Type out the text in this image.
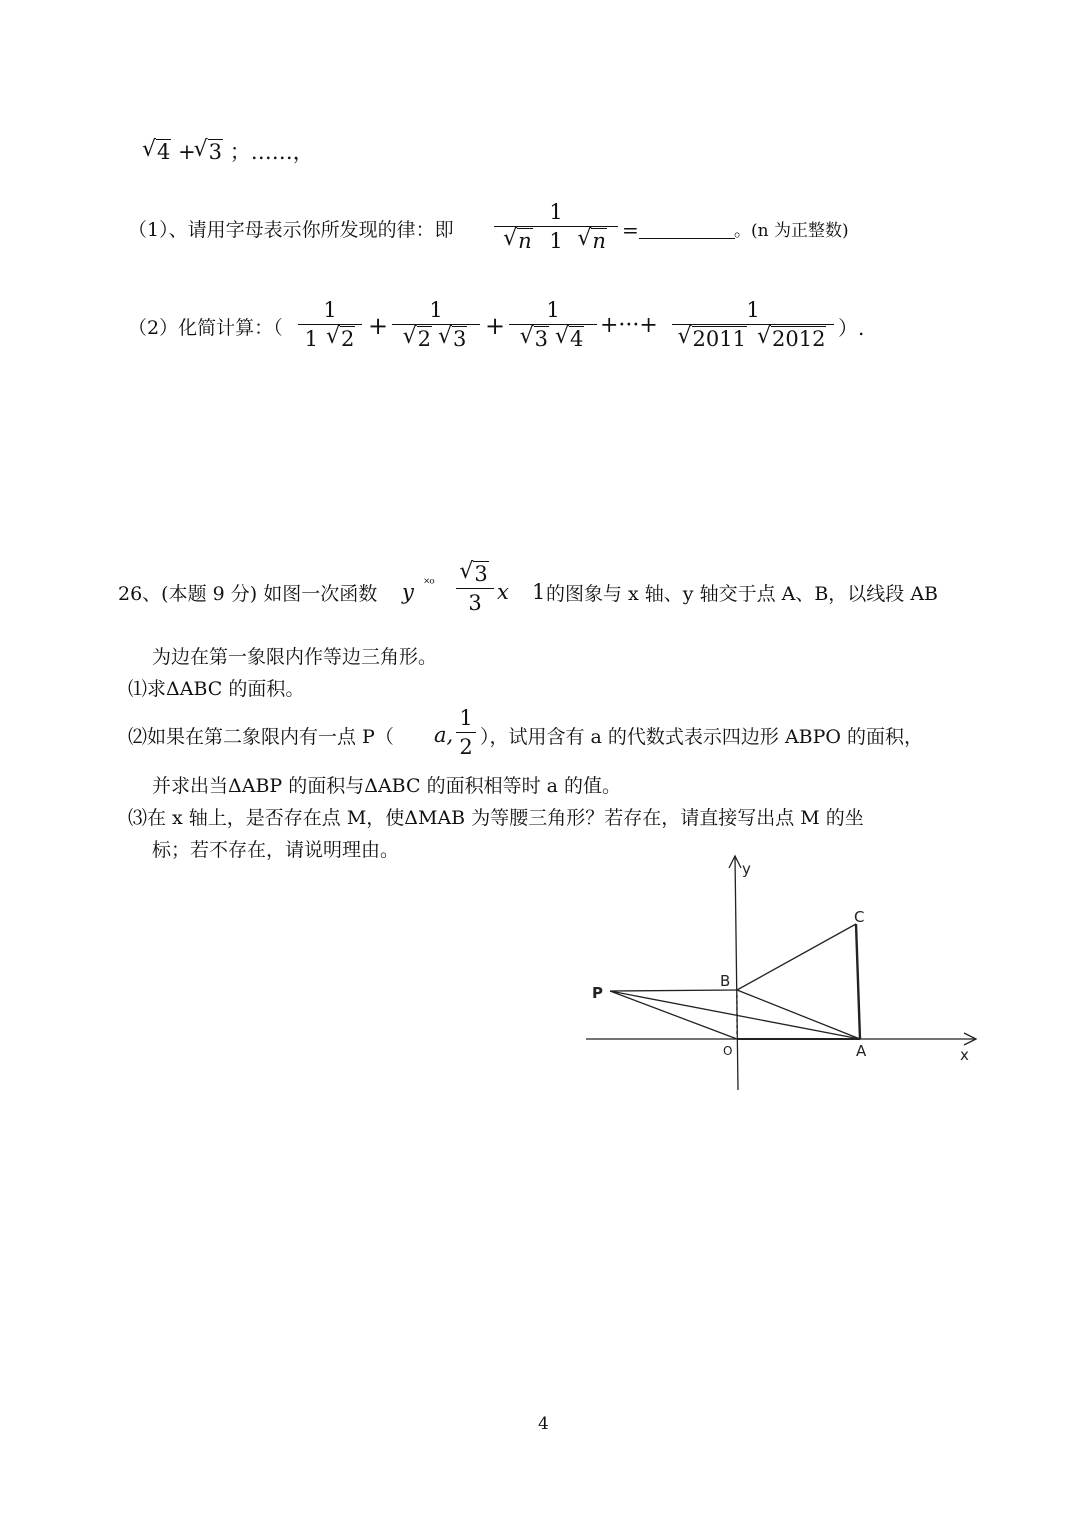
√ 4 + √ 3 ；……，
（1）、请用字母表示你所发现的律：即
1
√ n 1 √ n =	。(n 为正整数)
（2）化简计算：（
1
1 √ 2 +
1
√ 2 √ 3 +
1
√ 3 √ 4
+···+
1
√ 2011 √ 2012 ）.
26、(本题 9 分) 如图一次函数 y ˟ᵒ	√ 3
3 x 1 的图象与 x 轴、y 轴交于点 A、B，以线段 AB
为边在第一象限内作等边三角形。
⑴求ΔABC 的面积。
⑵如果在第二象限内有一点 P（ a,
1
2 ），试用含有 a 的代数式表示四边形 ABPO 的面积，
并求出当ΔABP 的面积与ΔABC 的面积相等时 a 的值。
⑶在 x 轴上，是否存在点 M，使ΔMAB 为等腰三角形？若存在，请直接写出点 M 的坐
标；若不存在，请说明理由。
y
x
C
B
P
O	A
4
